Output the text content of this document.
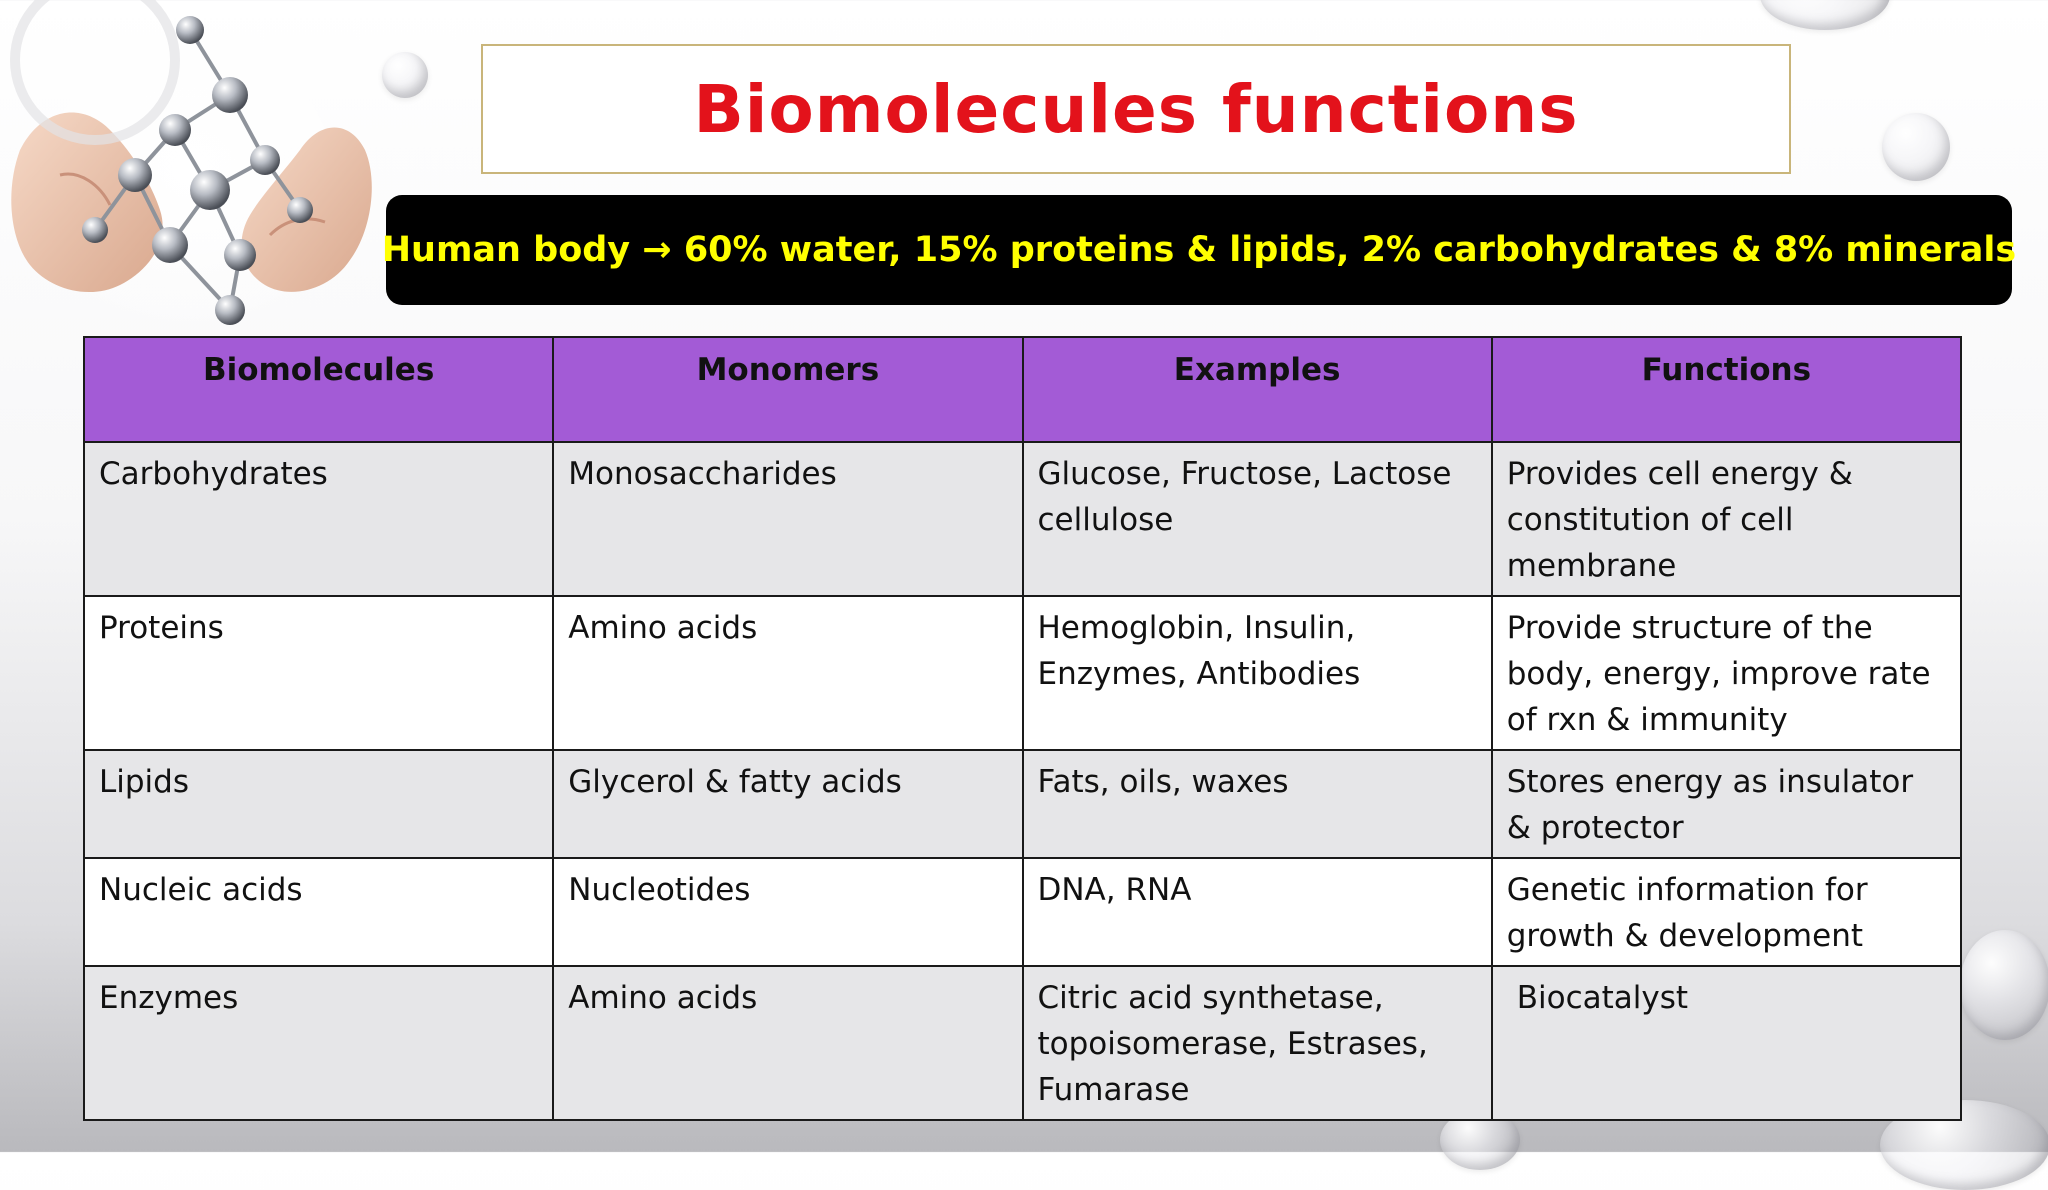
Biomolecules functions
Human body → 60% water, 15% proteins & lipids, 2% carbohydrates & 8% minerals
Biomolecules	Monomers	Examples	Functions
Carbohydrates	Monosaccharides	Glucose, Fructose, Lactose cellulose	Provides cell energy & constitution of cell membrane
Proteins	Amino acids	Hemoglobin, Insulin, Enzymes, Antibodies	Provide structure of the body, energy, improve rate of rxn & immunity
Lipids	Glycerol & fatty acids	Fats, oils, waxes	Stores energy as insulator & protector
Nucleic acids	Nucleotides	DNA, RNA	Genetic information for growth & development
Enzymes	Amino acids	Citric acid synthetase, topoisomerase, Estrases, Fumarase	Biocatalyst
